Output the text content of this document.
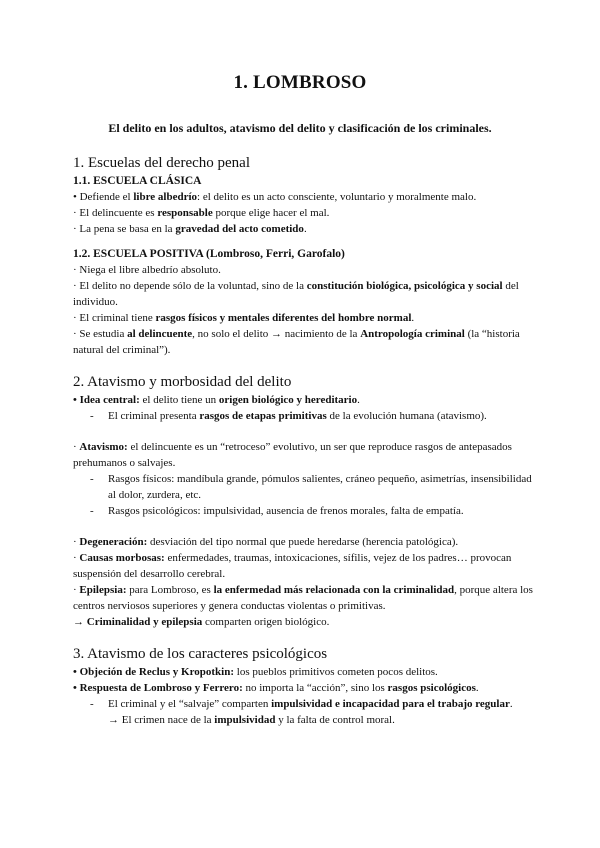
1. LOMBROSO
El delito en los adultos, atavismo del delito y clasificación de los criminales.
1. Escuelas del derecho penal
1.1. ESCUELA CLÁSICA

• Defiende el libre albedrío: el delito es un acto consciente, voluntario y moralmente malo.

· El delincuente es responsable porque elige hacer el mal.

· La pena se basa en la gravedad del acto cometido.

1.2. ESCUELA POSITIVA (Lombroso, Ferri, Garofalo)

· Niega el libre albedrío absoluto.

· El delito no depende sólo de la voluntad, sino de la constitución biológica, psicológica y social del individuo.

· El criminal tiene rasgos físicos y mentales diferentes del hombre normal.

· Se estudia al delincuente, no solo el delito → nacimiento de la Antropología criminal (la “historia natural del criminal”).

2. Atavismo y morbosidad del delito

• Idea central: el delito tiene un origen biológico y hereditario.

- El criminal presenta rasgos de etapas primitivas de la evolución humana (atavismo).

· Atavismo: el delincuente es un “retroceso” evolutivo, un ser que reproduce rasgos de antepasados prehumanos o salvajes.

- Rasgos físicos: mandíbula grande, pómulos salientes, cráneo pequeño, asimetrías, insensibilidad al dolor, zurdera, etc.

- Rasgos psicológicos: impulsividad, ausencia de frenos morales, falta de empatía.

· Degeneración: desviación del tipo normal que puede heredarse (herencia patológica).

· Causas morbosas: enfermedades, traumas, intoxicaciones, sífilis, vejez de los padres… provocan suspensión del desarrollo cerebral.

· Epilepsia: para Lombroso, es la enfermedad más relacionada con la criminalidad, porque altera los centros nerviosos superiores y genera conductas violentas o primitivas.

→ Criminalidad y epilepsia comparten origen biológico.

3. Atavismo de los caracteres psicológicos

• Objeción de Reclus y Kropotkin: los pueblos primitivos cometen pocos delitos.

• Respuesta de Lombroso y Ferrero: no importa la “acción”, sino los rasgos psicológicos.

- El criminal y el “salvaje” comparten impulsividad e incapacidad para el trabajo regular.

→ El crimen nace de la impulsividad y la falta de control moral.
